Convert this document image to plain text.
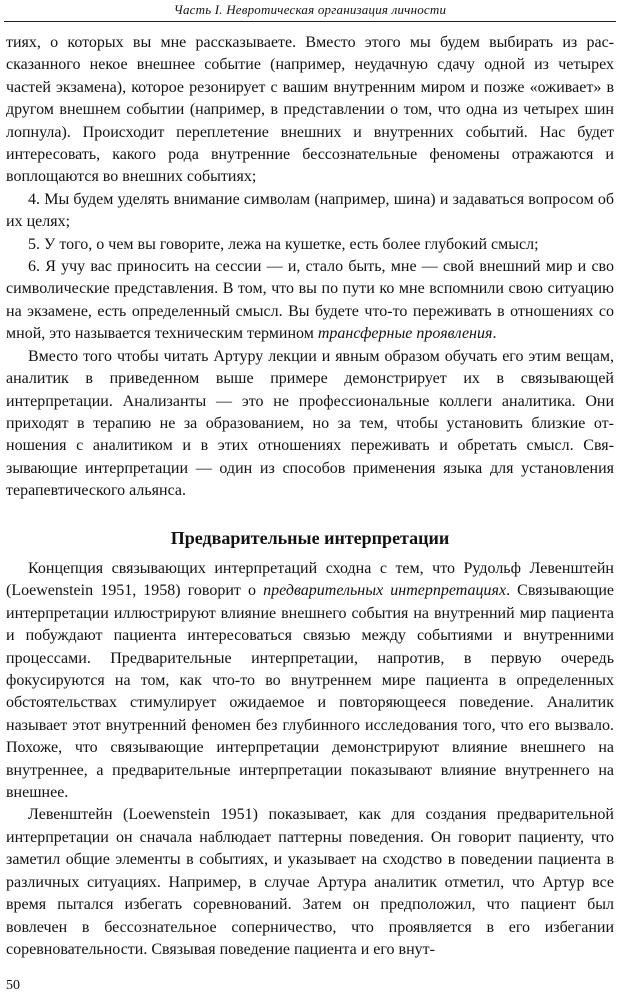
Часть I. Невротическая организация личности

тиях, о которых вы мне рассказываете. Вместо этого мы будем выбирать из рассказанного некое внешнее событие (например, неудачную сдачу одной из четырех частей экзамена), которое резонирует с вашим внутренним миром и позже «оживает» в другом внешнем событии (например, в представлении о том, что одна из четырех шин лопнула). Происходит переплетение внешних и внутренних событий. Нас будет интересовать, какого рода внутренние бессознательные феномены отражаются и воплощаются во внешних событиях;

4. Мы будем уделять внимание символам (например, шина) и задаваться вопросом об их целях;

5. У того, о чем вы говорите, лежа на кушетке, есть более глубокий смысл;

6. Я учу вас приносить на сессии — и, стало быть, мне — свой внешний мир и сво символические представления. В том, что вы по пути ко мне вспомнили свою ситуацию на экзамене, есть определенный смысл. Вы будете что-то переживать в отношениях со мной, это называется техническим термином трансферные проявления.

Вместо того чтобы читать Артуру лекции и явным образом обучать его этим вещам, аналитик в приведенном выше примере демонстрирует их в связывающей интерпретации. Анализанты — это не профессиональные коллеги аналитика. Они приходят в терапию не за образованием, но за тем, чтобы установить близкие отношения с аналитиком и в этих отношениях переживать и обретать смысл. Связывающие интерпретации — один из способов применения языка для установления терапевтического альянса.

Предварительные интерпретации

Концепция связывающих интерпретаций сходна с тем, что Рудольф Левенштейн (Loewenstein 1951, 1958) говорит о предварительных интерпретациях. Связывающие интерпретации иллюстрируют влияние внешнего события на внутренний мир пациента и побуждают пациента интересоваться связью между событиями и внутренними процессами. Предварительные интерпретации, напротив, в первую очередь фокусируются на том, как что-то во внутреннем мире пациента в определенных обстоятельствах стимулирует ожидаемое и повторяющееся поведение. Аналитик называет этот внутренний феномен без глубинного исследования того, что его вызвало. Похоже, что связывающие интерпретации демонстрируют влияние внешнего на внутреннее, а предварительные интерпретации показывают влияние внутреннего на внешнее.

Левенштейн (Loewenstein 1951) показывает, как для создания предварительной интерпретации он сначала наблюдает паттерны поведения. Он говорит пациенту, что заметил общие элементы в событиях, и указывает на сходство в поведении пациента в различных ситуациях. Например, в случае Артура аналитик отметил, что Артур все время пытался избегать соревнований. Затем он предположил, что пациент был вовлечен в бессознательное соперничество, что проявляется в его избегании соревновательности. Связывая поведение пациента и его внут-

50
